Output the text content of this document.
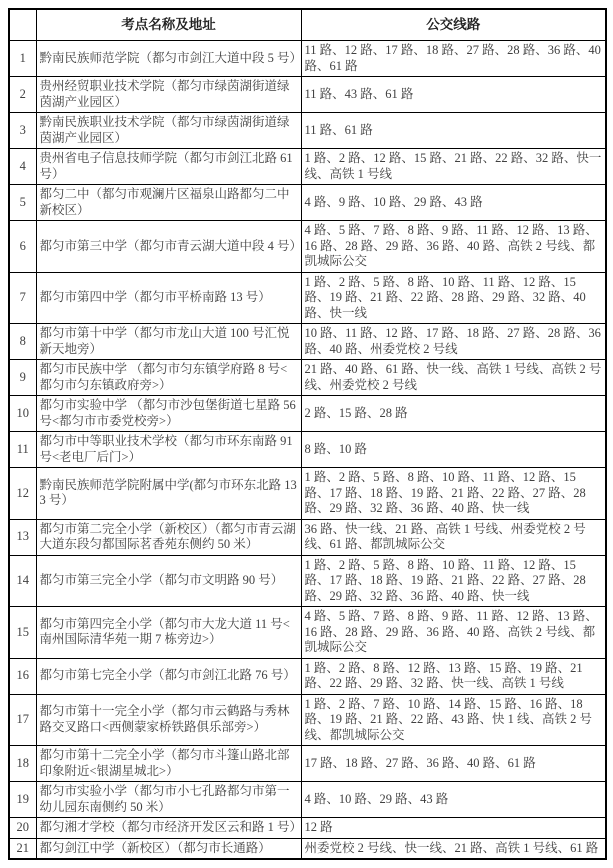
	考点名称及地址	公交线路
1	黔南民族师范学院（都匀市剑江大道中段 5 号）	11 路、12 路、17 路、18 路、27 路、28 路、36 路、40 路、61 路
2	贵州经贸职业技术学院（都匀市绿茵湖街道绿茵湖产业园区）	11 路、43 路、61 路
3	黔南民族职业技术学院（都匀市绿茵湖街道绿茵湖产业园区）	11 路、61 路
4	贵州省电子信息技师学院（都匀市剑江北路 61 号）	1 路、2 路、12 路、15 路、21 路、22 路、32 路、快一线、高铁 1 号线
5	都匀二中（都匀市观澜片区福泉山路都匀二中新校区）	4 路、9 路、10 路、29 路、43 路
6	都匀市第三中学（都匀市青云湖大道中段 4 号）	4 路、5 路、7 路、8 路、9 路、11 路、12 路、13 路、16 路、28 路、29 路、36 路、40 路、高铁 2 号线、都凯城际公交
7	都匀市第四中学（都匀市平桥南路 13 号）	1 路、2 路、5 路、8 路、10 路、11 路、12 路、15 路、19 路、21 路、22 路、28 路、29 路、32 路、40 路、快一线
8	都匀市第十中学（都匀市龙山大道 100 号汇悦新天地旁）	10 路、11 路、12 路、17 路、18 路、27 路、28 路、36 路、40 路、州委党校 2 号线
9	都匀市民族中学 （都匀市匀东镇学府路 8 号<都匀市匀东镇政府旁>）	21 路、40 路、61 路、快一线、高铁 1 号线、高铁 2 号线、州委党校 2 号线
10	都匀市实验中学 （都匀市沙包堡街道七星路 56 号<都匀市市委党校旁>）	2 路、15 路、28 路
11	都匀市中等职业技术学校（都匀市环东南路 91 号<老电厂后门>）	8 路、10 路
12	黔南民族师范学院附属中学(都匀市环东北路 133 号）	1 路、2 路、5 路、8 路、10 路、11 路、12 路、15 路、17 路、18 路、19 路、21 路、22 路、27 路、28 路、29 路、32 路、36 路、40 路、快一线
13	都匀市第二完全小学（新校区）（都匀市青云湖大道东段匀都国际茗香苑东侧约 50 米）	36 路、快一线、21 路、高铁 1 号线、州委党校 2 号线、61 路、都凯城际公交
14	都匀市第三完全小学（都匀市文明路 90 号）	1 路、2 路、5 路、8 路、10 路、11 路、12 路、15 路、17 路、18 路、19 路、21 路、22 路、27 路、28 路、29 路、32 路、36 路、40 路、快一线
15	都匀市第四完全小学（都匀市大龙大道 11 号<南州国际清华苑一期 7 栋旁边>）	4 路、5 路、7 路、8 路、9 路、11 路、12 路、13 路、16 路、28 路、29 路、36 路、40 路、高铁 2 号线、都凯城际公交
16	都匀市第七完全小学（都匀市剑江北路 76 号）	1 路、2 路、8 路、12 路、13 路、15 路、19 路、21 路、22 路、29 路、32 路、快一线、高铁 1 号线
17	都匀市第十一完全小学（都匀市云鹤路与秀林路交叉路口<西侧蒙家桥铁路俱乐部旁>）	1 路、2 路、7 路、10 路、14 路、15 路、16 路、18 路、19 路、21 路、22 路、43 路、快 1 线、高铁 2 号线、都凯城际公交
18	都匀市第十二完全小学（都匀市斗篷山路北部印象附近<银湖星城北>）	17 路、18 路、27 路、36 路、40 路、61 路
19	都匀市实验小学（都匀市小七孔路都匀市第一幼儿园东南侧约 50 米）	4 路、10 路、29 路、43 路
20	都匀湘才学校（都匀市经济开发区云和路 1 号）	12 路
21	都匀剑江中学（新校区）（都匀市长通路）	州委党校 2 号线、快一线、21 路、高铁 1 号线、61 路
